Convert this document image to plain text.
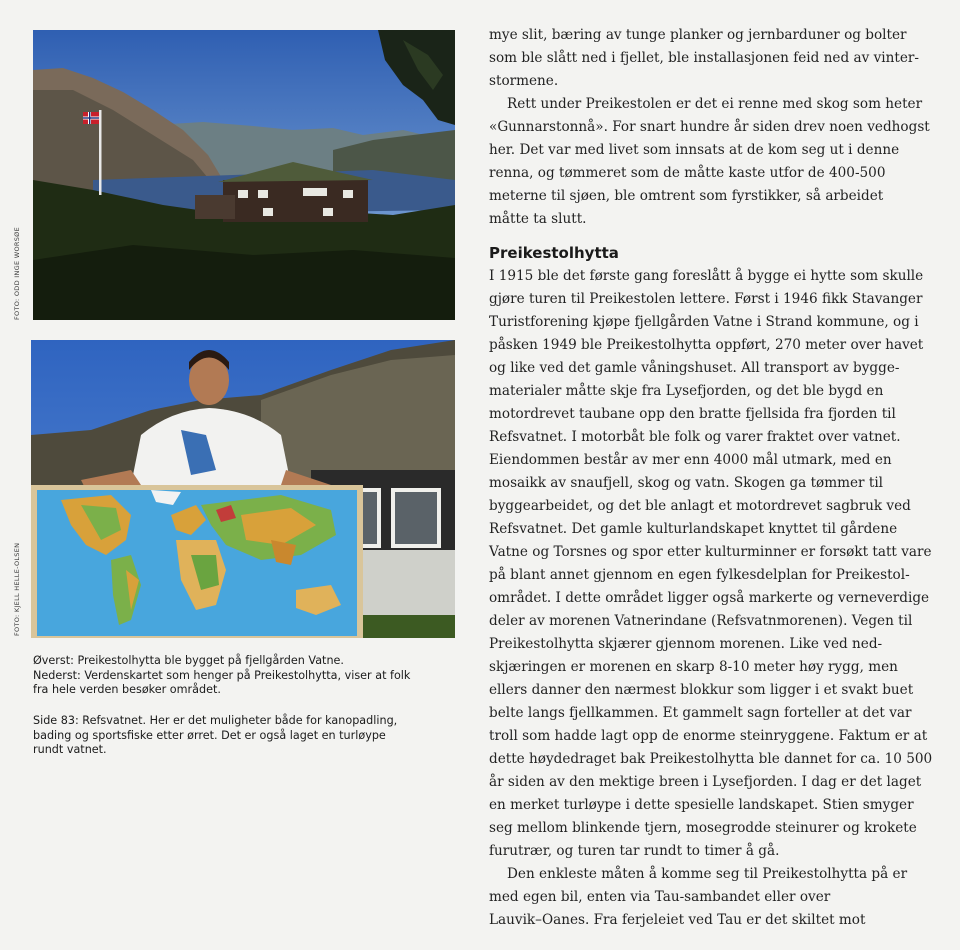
FOTO: ODD INGE WORSØE
FOTO: KJELL HELLE-OLSEN

Øverst: Preikestolhytta ble bygget på fjellgården Vatne.

Nederst: Verdenskartet som henger på Preikestolhytta, viser at folk

fra hele verden besøker området.

Side 83: Refsvatnet. Her er det muligheter både for kanopadling,

bading og sportsfiske etter ørret. Det er også laget en turløype

rundt vatnet.

mye slit, bæring av tunge planker og jernbarduner og bolter
som ble slått ned i fjellet, ble installasjonen feid ned av vinter-
stormene.
Rett under Preikestolen er det ei renne med skog som heter
«Gunnarstonnå». For snart hundre år siden drev noen vedhogst
her. Det var med livet som innsats at de kom seg ut i denne
renna, og tømmeret som de måtte kaste utfor de 400-500
meterne til sjøen, ble omtrent som fyrstikker, så arbeidet
måtte ta slutt.
Preikestolhytta
I 1915 ble det første gang foreslått å bygge ei hytte som skulle
gjøre turen til Preikestolen lettere. Først i 1946 fikk Stavanger
Turistforening kjøpe fjellgården Vatne i Strand kommune, og i
påsken 1949 ble Preikestolhytta oppført, 270 meter over havet
og like ved det gamle våningshuset. All transport av bygge-
materialer måtte skje fra Lysefjorden, og det ble bygd en
motordrevet taubane opp den bratte fjellsida fra fjorden til
Refsvatnet. I motorbåt ble folk og varer fraktet over vatnet.
Eiendommen består av mer enn 4000 mål utmark, med en
mosaikk av snaufjell, skog og vatn. Skogen ga tømmer til
byggearbeidet, og det ble anlagt et motordrevet sagbruk ved
Refsvatnet. Det gamle kulturlandskapet knyttet til gårdene
Vatne og Torsnes og spor etter kulturminner er forsøkt tatt vare
på blant annet gjennom en egen fylkesdelplan for Preikestol-
området. I dette området ligger også markerte og verneverdige
deler av morenen Vatnerindane (Refsvatnmorenen). Vegen til
Preikestolhytta skjærer gjennom morenen. Like ved ned-
skjæringen er morenen en skarp 8-10 meter høy rygg, men
ellers danner den nærmest blokkur som ligger i et svakt buet
belte langs fjellkammen. Et gammelt sagn forteller at det var
troll som hadde lagt opp de enorme steinryggene. Faktum er at
dette høydedraget bak Preikestolhytta ble dannet for ca. 10 500
år siden av den mektige breen i Lysefjorden. I dag er det laget
en merket turløype i dette spesielle landskapet. Stien smyger
seg mellom blinkende tjern, mosegrodde steinurer og krokete
furutrær, og turen tar rundt to timer å gå.
Den enkleste måten å komme seg til Preikestolhytta på er
med egen bil, enten via Tau-sambandet eller over
Lauvik–Oanes. Fra ferjeleiet ved Tau er det skiltet mot
